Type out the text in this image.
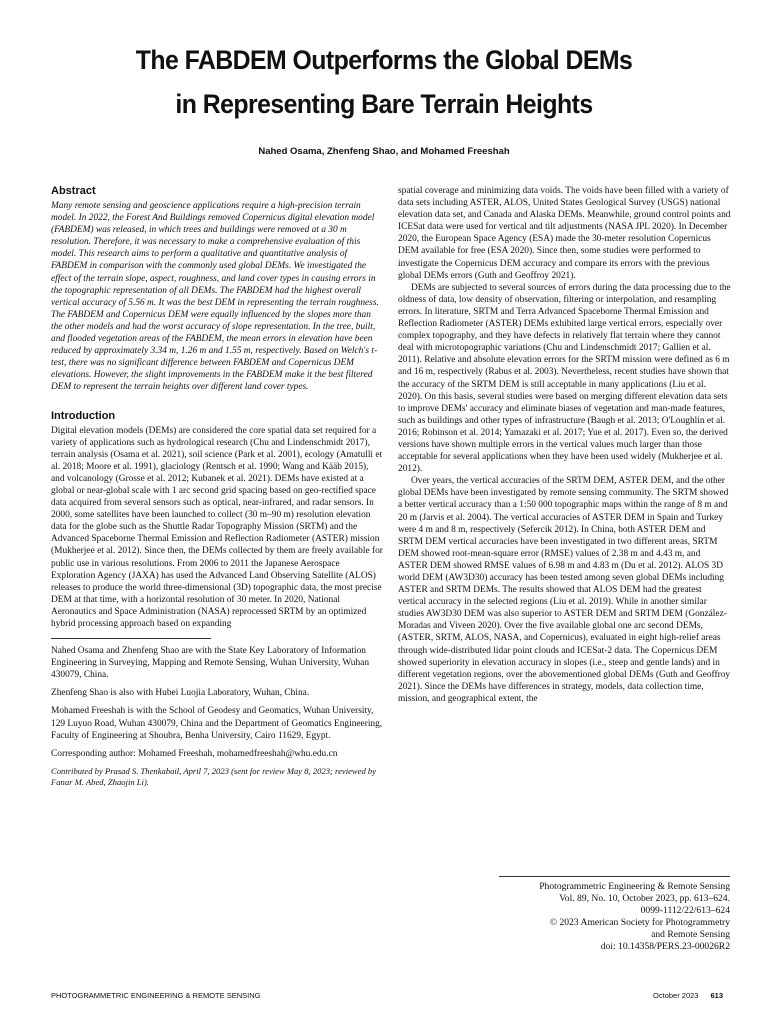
The FABDEM Outperforms the Global DEMs
in Representing Bare Terrain Heights
Nahed Osama, Zhenfeng Shao, and Mohamed Freeshah
Abstract

Many remote sensing and geoscience applications require a high-precision terrain model. In 2022, the Forest And Buildings removed Copernicus digital elevation model (FABDEM) was released, in which trees and buildings were removed at a 30 m resolution. Therefore, it was necessary to make a comprehensive evaluation of this model. This research aims to perform a qualitative and quantitative analysis of FABDEM in comparison with the commonly used global DEMs. We investigated the effect of the terrain slope, aspect, roughness, and land cover types in causing errors in the topographic representation of all DEMs. The FABDEM had the highest overall vertical accuracy of 5.56 m. It was the best DEM in representing the terrain roughness. The FABDEM and Copernicus DEM were equally influenced by the slopes more than the other models and had the worst accuracy of slope representation. In the tree, built, and flooded vegetation areas of the FABDEM, the mean errors in elevation have been reduced by approximately 3.34 m, 1.26 m and 1.55 m, respectively. Based on Welch's t-test, there was no significant difference between FABDEM and Copernicus DEM elevations. However, the slight improvements in the FABDEM make it the best filtered DEM to represent the terrain heights over different land cover types.

Introduction

Digital elevation models (DEMs) are considered the core spatial data set required for a variety of applications such as hydrological research (Chu and Lindenschmidt 2017), terrain analysis (Osama et al. 2021), soil science (Park et al. 2001), ecology (Amatulli et al. 2018; Moore et al. 1991), glaciology (Rentsch et al. 1990; Wang and Kääb 2015), and volcanology (Grosse et al. 2012; Kubanek et al. 2021). DEMs have existed at a global or near-global scale with 1 arc second grid spacing based on geo-rectified space data acquired from several sensors such as optical, near-infrared, and radar sensors. In 2000, some satellites have been launched to collect (30 m–90 m) resolution elevation data for the globe such as the Shuttle Radar Topography Mission (SRTM) and the Advanced Spaceborne Thermal Emission and Reflection Radiometer (ASTER) mission (Mukherjee et al. 2012). Since then, the DEMs collected by them are freely available for public use in various resolutions. From 2006 to 2011 the Japanese Aerospace Exploration Agency (JAXA) has used the Advanced Land Observing Satellite (ALOS) releases to produce the world three-dimensional (3D) topographic data, the most precise DEM at that time, with a horizontal resolution of 30 meter. In 2020, National Aeronautics and Space Administration (NASA) reprocessed SRTM by an optimized hybrid processing approach based on expanding

Nahed Osama and Zhenfeng Shao are with the State Key Laboratory of Information Engineering in Surveying, Mapping and Remote Sensing, Wuhan University, Wuhan 430079, China.

Zhenfeng Shao is also with Hubei Luojia Laboratory, Wuhan, China.

Mohamed Freeshah is with the School of Geodesy and Geomatics, Wuhan University, 129 Luyuo Road, Wuhan 430079, China and the Department of Geomatics Engineering, Faculty of Engineering at Shoubra, Benha University, Cairo 11629, Egypt.

Corresponding author: Mohamed Freeshah, mohamedfreeshah@whu.edu.cn

Contributed by Prasad S. Thenkabail, April 7, 2023 (sent for review May 8, 2023; reviewed by Fanar M. Abed, Zhaojin Li).

spatial coverage and minimizing data voids. The voids have been filled with a variety of data sets including ASTER, ALOS, United States Geological Survey (USGS) national elevation data set, and Canada and Alaska DEMs. Meanwhile, ground control points and ICESat data were used for vertical and tilt adjustments (NASA JPL 2020). In December 2020, the European Space Agency (ESA) made the 30-meter resolution Copernicus DEM available for free (ESA 2020). Since then, some studies were performed to investigate the Copernicus DEM accuracy and compare its errors with the previous global DEMs errors (Guth and Geoffroy 2021).

DEMs are subjected to several sources of errors during the data processing due to the oldness of data, low density of observation, filtering or interpolation, and resampling errors. In literature, SRTM and Terra Advanced Spaceborne Thermal Emission and Reflection Radiometer (ASTER) DEMs exhibited large vertical errors, especially over complex topography, and they have defects in relatively flat terrain where they cannot deal with microtopographic variations (Chu and Lindenschmidt 2017; Gallien et al. 2011). Relative and absolute elevation errors for the SRTM mission were defined as 6 m and 16 m, respectively (Rabus et al. 2003). Nevertheless, recent studies have shown that the accuracy of the SRTM DEM is still acceptable in many applications (Liu et al. 2020). On this basis, several studies were based on merging different elevation data sets to improve DEMs' accuracy and eliminate biases of vegetation and man-made features, such as buildings and other types of infrastructure (Baugh et al. 2013; O'Loughlin et al. 2016; Robinson et al. 2014; Yamazaki et al. 2017; Yue et al. 2017). Even so, the derived versions have shown multiple errors in the vertical values much larger than those acceptable for several applications when they have been used widely (Mukherjee et al. 2012).

Over years, the vertical accuracies of the SRTM DEM, ASTER DEM, and the other global DEMs have been investigated by remote sensing community. The SRTM showed a better vertical accuracy than a 1:50 000 topographic maps within the range of 8 m and 20 m (Jarvis et al. 2004). The vertical accuracies of ASTER DEM in Spain and Turkey were 4 m and 8 m, respectively (Sefercik 2012). In China, both ASTER DEM and SRTM DEM vertical accuracies have been investigated in two different areas, SRTM DEM showed root-mean-square error (RMSE) values of 2.38 m and 4.43 m, and ASTER DEM showed RMSE values of 6.98 m and 4.83 m (Du et al. 2012). ALOS 3D world DEM (AW3D30) accuracy has been tested among seven global DEMs including ASTER and SRTM DEMs. The results showed that ALOS DEM had the greatest vertical accuracy in the selected regions (Liu et al. 2019). While in another similar studies AW3D30 DEM was also superior to ASTER DEM and SRTM DEM (González-Moradas and Viveen 2020). Over the five available global one arc second DEMs, (ASTER, SRTM, ALOS, NASA, and Copernicus), evaluated in eight high-relief areas through wide-distributed lidar point clouds and ICESat-2 data. The Copernicus DEM showed superiority in elevation accuracy in slopes (i.e., steep and gentle lands) and in different vegetation regions, over the abovementioned global DEMs (Guth and Geoffroy 2021). Since the DEMs have differences in strategy, models, data collection time, mission, and geographical extent, the

Photogrammetric Engineering & Remote Sensing
Vol. 89, No. 10, October 2023, pp. 613–624.
0099-1112/22/613–624
© 2023 American Society for Photogrammetry
and Remote Sensing
doi: 10.14358/PERS.23-00026R2
PHOTOGRAMMETRIC ENGINEERING & REMOTE SENSING	October 2023 613
